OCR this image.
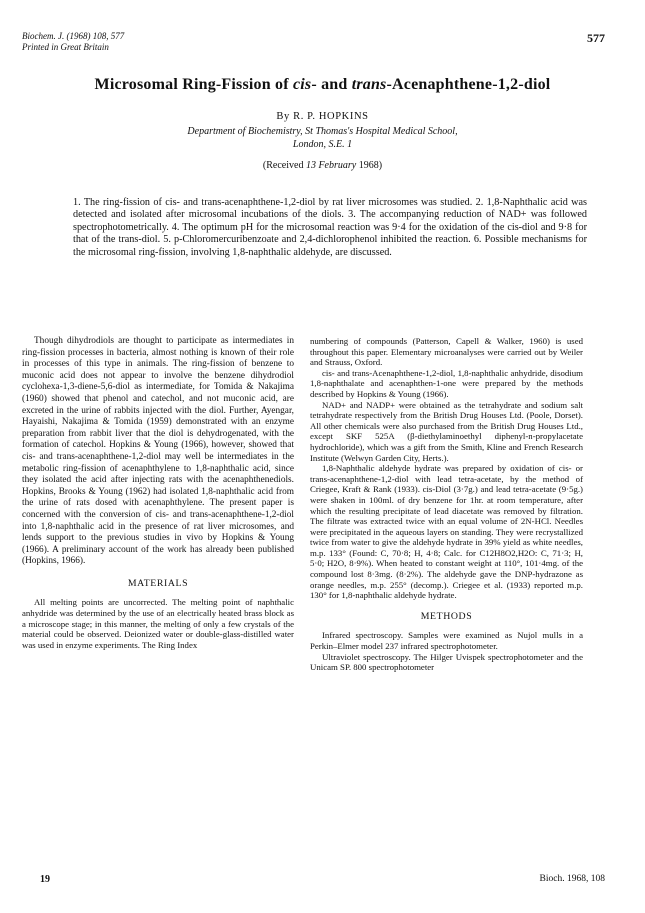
Biochem. J. (1968) 108, 577
Printed in Great Britain
577
Microsomal Ring-Fission of cis- and trans-Acenaphthene-1,2-diol
By R. P. HOPKINS
Department of Biochemistry, St Thomas's Hospital Medical School,
London, S.E. 1
(Received 13 February 1968)
1. The ring-fission of cis- and trans-acenaphthene-1,2-diol by rat liver microsomes was studied. 2. 1,8-Naphthalic acid was detected and isolated after microsomal incubations of the diols. 3. The accompanying reduction of NAD+ was followed spectrophotometrically. 4. The optimum pH for the microsomal reaction was 9·4 for the oxidation of the cis-diol and 9·8 for that of the trans-diol. 5. p-Chloromercuribenzoate and 2,4-dichlorophenol inhibited the reaction. 6. Possible mechanisms for the microsomal ring-fission, involving 1,8-naphthalic aldehyde, are discussed.

Though dihydrodiols are thought to participate as intermediates in ring-fission processes in bacteria, almost nothing is known of their role in processes of this type in animals. The ring-fission of benzene to muconic acid does not appear to involve the benzene dihydrodiol cyclohexa-1,3-diene-5,6-diol as intermediate, for Tomida & Nakajima (1960) showed that phenol and catechol, and not muconic acid, are excreted in the urine of rabbits injected with the diol. Further, Ayengar, Hayaishi, Nakajima & Tomida (1959) demonstrated with an enzyme preparation from rabbit liver that the diol is dehydrogenated, with the formation of catechol. Hopkins & Young (1966), however, showed that cis- and trans-acenaphthene-1,2-diol may well be intermediates in the metabolic ring-fission of acenaphthylene to 1,8-naphthalic acid, since they isolated the acid after injecting rats with the acenaphthenediols. Hopkins, Brooks & Young (1962) had isolated 1,8-naphthalic acid from the urine of rats dosed with acenaphthylene. The present paper is concerned with the conversion of cis- and trans-acenaphthene-1,2-diol into 1,8-naphthalic acid in the presence of rat liver microsomes, and lends support to the previous studies in vivo by Hopkins & Young (1966). A preliminary account of the work has already been published (Hopkins, 1966).

MATERIALS

All melting points are uncorrected. The melting point of naphthalic anhydride was determined by the use of an electrically heated brass block as a microscope stage; in this manner, the melting of only a few crystals of the material could be observed. Deionized water or double-glass-distilled water was used in enzyme experiments. The Ring Index

numbering of compounds (Patterson, Capell & Walker, 1960) is used throughout this paper. Elementary microanalyses were carried out by Weiler and Strauss, Oxford.

cis- and trans-Acenaphthene-1,2-diol, 1,8-naphthalic anhydride, disodium 1,8-naphthalate and acenaphthen-1-one were prepared by the methods described by Hopkins & Young (1966).

NAD+ and NADP+ were obtained as the tetrahydrate and sodium salt tetrahydrate respectively from the British Drug Houses Ltd. (Poole, Dorset). All other chemicals were also purchased from the British Drug Houses Ltd., except SKF 525A (β-diethylaminoethyl diphenyl-n-propylacetate hydrochloride), which was a gift from the Smith, Kline and French Research Institute (Welwyn Garden City, Herts.).

1,8-Naphthalic aldehyde hydrate was prepared by oxidation of cis- or trans-acenaphthene-1,2-diol with lead tetra-acetate, by the method of Criegee, Kraft & Rank (1933). cis-Diol (3·7g.) and lead tetra-acetate (9·5g.) were shaken in 100ml. of dry benzene for 1hr. at room temperature, after which the resulting precipitate of lead diacetate was removed by filtration. The filtrate was extracted twice with an equal volume of 2N-HCl. Needles were precipitated in the aqueous layers on standing. They were recrystallized twice from water to give the aldehyde hydrate in 39% yield as white needles, m.p. 133° (Found: C, 70·8; H, 4·8; Calc. for C12H8O2,H2O: C, 71·3; H, 5·0; H2O, 8·9%). When heated to constant weight at 110°, 101·4mg. of the compound lost 8·3mg. (8·2%). The aldehyde gave the DNP-hydrazone as orange needles, m.p. 255° (decomp.). Criegee et al. (1933) reported m.p. 130° for 1,8-naphthalic aldehyde hydrate.

METHODS

Infrared spectroscopy. Samples were examined as Nujol mulls in a Perkin–Elmer model 237 infrared spectrophotometer.

Ultraviolet spectroscopy. The Hilger Uvispek spectrophotometer and the Unicam SP. 800 spectrophotometer

19	Bioch. 1968, 108
